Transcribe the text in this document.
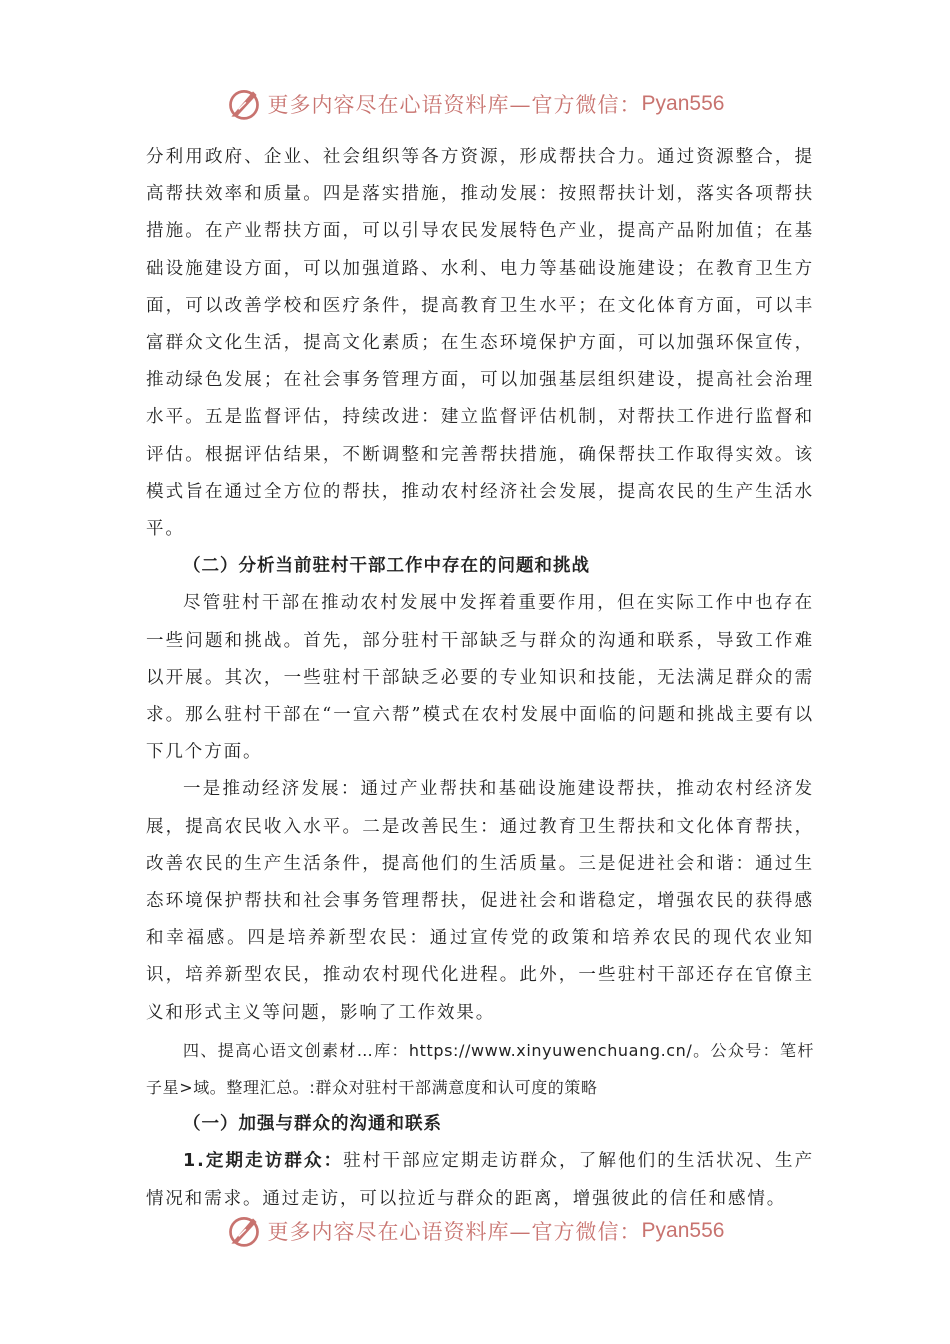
更多内容尽在心语资料库—官方微信： Pyan556

分利用政府、企业、社会组织等各方资源，形成帮扶合力。通过资源整合，提高帮扶效率和质量。四是落实措施，推动发展：按照帮扶计划，落实各项帮扶措施。在产业帮扶方面，可以引导农民发展特色产业，提高产品附加值；在基础设施建设方面，可以加强道路、水利、电力等基础设施建设；在教育卫生方面，可以改善学校和医疗条件，提高教育卫生水平；在文化体育方面，可以丰富群众文化生活，提高文化素质；在生态环境保护方面，可以加强环保宣传，推动绿色发展；在社会事务管理方面，可以加强基层组织建设，提高社会治理水平。五是监督评估，持续改进：建立监督评估机制，对帮扶工作进行监督和评估。根据评估结果，不断调整和完善帮扶措施，确保帮扶工作取得实效。该模式旨在通过全方位的帮扶，推动农村经济社会发展，提高农民的生产生活水平。

（二）分析当前驻村干部工作中存在的问题和挑战

尽管驻村干部在推动农村发展中发挥着重要作用，但在实际工作中也存在一些问题和挑战。首先，部分驻村干部缺乏与群众的沟通和联系，导致工作难以开展。其次，一些驻村干部缺乏必要的专业知识和技能，无法满足群众的需求。那么驻村干部在“一宣六帮”模式在农村发展中面临的问题和挑战主要有以下几个方面。

一是推动经济发展：通过产业帮扶和基础设施建设帮扶，推动农村经济发展，提高农民收入水平。二是改善民生：通过教育卫生帮扶和文化体育帮扶，改善农民的生产生活条件，提高他们的生活质量。三是促进社会和谐：通过生态环境保护帮扶和社会事务管理帮扶，促进社会和谐稳定，增强农民的获得感和幸福感。四是培养新型农民：通过宣传党的政策和培养农民的现代农业知识，培养新型农民，推动农村现代化进程。此外，一些驻村干部还存在官僚主义和形式主义等问题，影响了工作效果。

四、提高心语文创素材…库：https://www.xinyuwenchuang.cn/。公众号：笔杆子星>域。整理汇总。:群众对驻村干部满意度和认可度的策略

（一）加强与群众的沟通和联系

1.定期走访群众：驻村干部应定期走访群众，了解他们的生活状况、生产情况和需求。通过走访，可以拉近与群众的距离，增强彼此的信任和感情。

更多内容尽在心语资料库—官方微信： Pyan556
